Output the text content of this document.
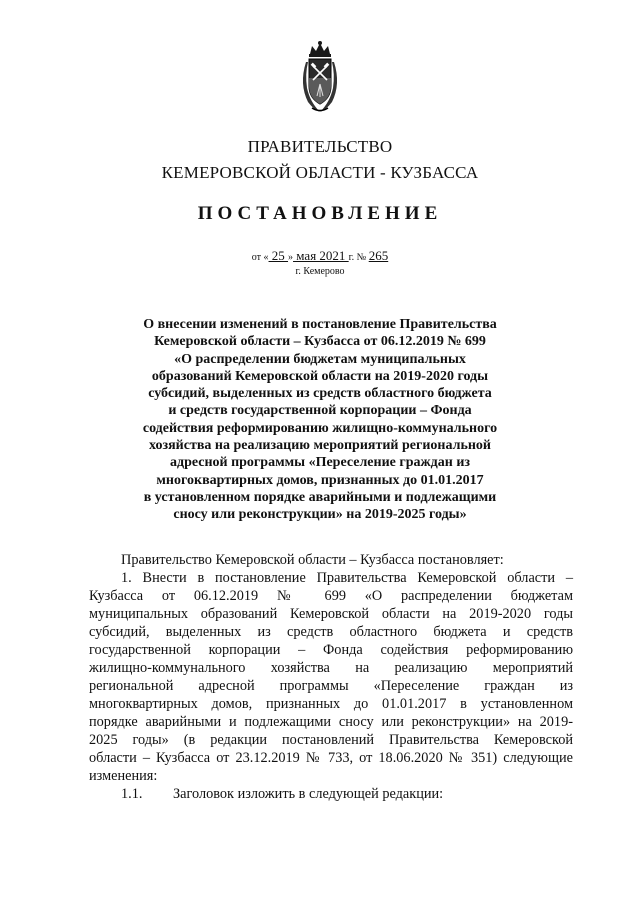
ПРАВИТЕЛЬСТВО
КЕМЕРОВСКОЙ ОБЛАСТИ - КУЗБАССА
ПОСТАНОВЛЕНИЕ
от « 25 » мая 2021 г. № 265
г. Кемерово
О внесении изменений в постановление Правительства
Кемеровской области – Кузбасса от 06.12.2019 № 699
«О распределении бюджетам муниципальных
образований Кемеровской области на 2019-2020 годы
субсидий, выделенных из средств областного бюджета
и средств государственной корпорации – Фонда
содействия реформированию жилищно-коммунального
хозяйства на реализацию мероприятий региональной
адресной программы «Переселение граждан из
многоквартирных домов, признанных до 01.01.2017
в установленном порядке аварийными и подлежащими
сносу или реконструкции» на 2019-2025 годы»
Правительство Кемеровской области – Кузбасса постановляет:
1. Внести в постановление Правительства Кемеровской области –
Кузбасса от 06.12.2019 № 699 «О распределении бюджетам
муниципальных образований Кемеровской области на 2019-2020 годы
субсидий, выделенных из средств областного бюджета и средств
государственной корпорации – Фонда содействия реформированию
жилищно-коммунального хозяйства на реализацию мероприятий
региональной адресной программы «Переселение граждан из
многоквартирных домов, признанных до 01.01.2017 в установленном
порядке аварийными и подлежащими сносу или реконструкции» на 2019-
2025 годы» (в редакции постановлений Правительства Кемеровской
области – Кузбасса от 23.12.2019 № 733, от 18.06.2020 № 351) следующие
изменения:
1.1. Заголовок изложить в следующей редакции:
